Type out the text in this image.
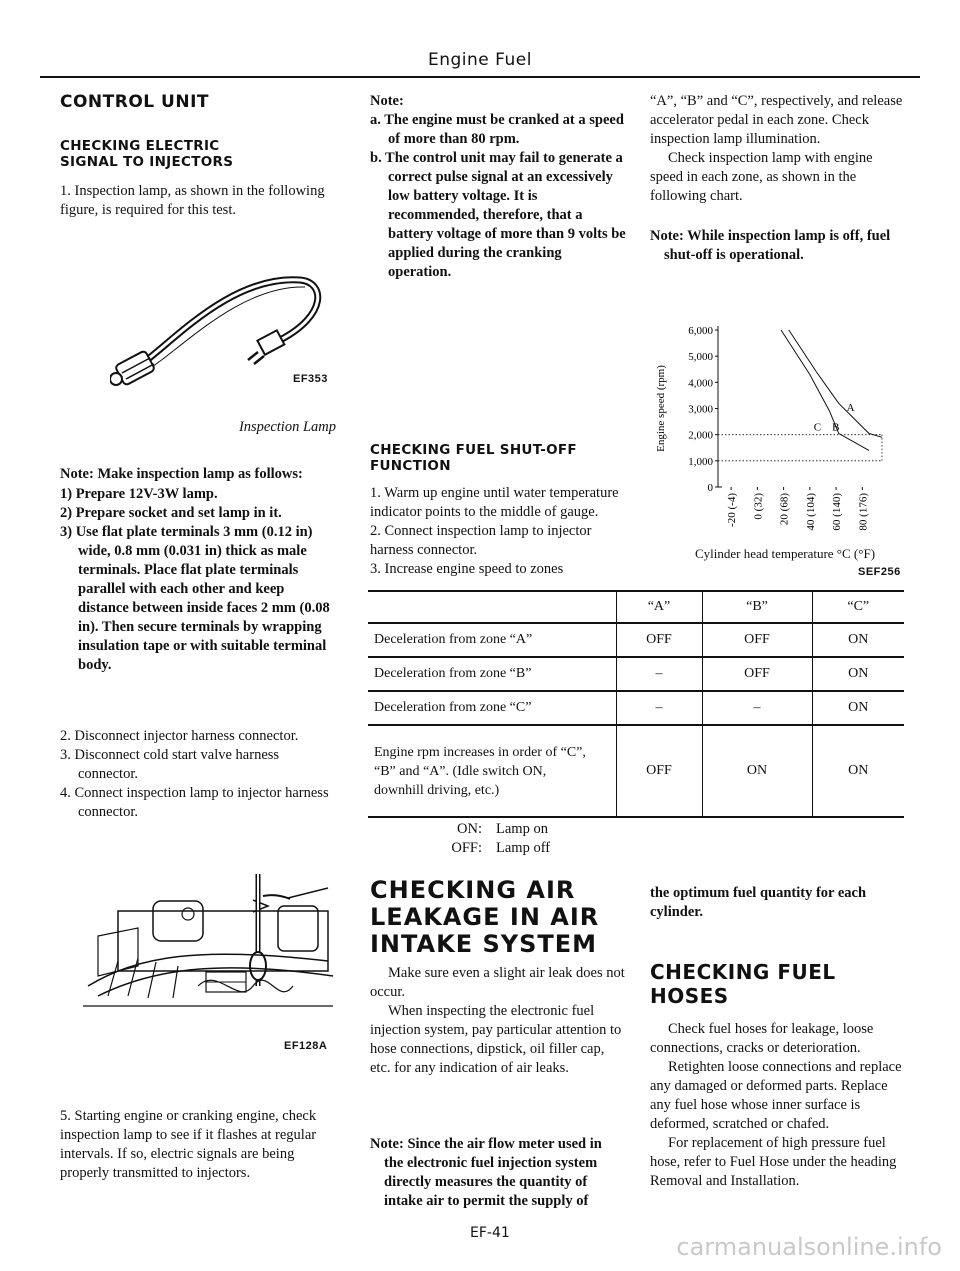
Engine Fuel
CONTROL UNIT
CHECKING ELECTRIC
SIGNAL TO INJECTORS
1. Inspection lamp, as shown in the following figure, is required for this test.
EF353
Inspection Lamp

Note: Make inspection lamp as follows:

1) Prepare 12V-3W lamp.

2) Prepare socket and set lamp in it.

3) Use flat plate terminals 3 mm (0.12 in) wide, 0.8 mm (0.031 in) thick as male terminals. Place flat plate terminals parallel with each other and keep distance between inside faces 2 mm (0.08 in). Then secure terminals by wrapping insulation tape or with suitable terminal body.

2. Disconnect injector harness connector.

3. Disconnect cold start valve harness connector.

4. Connect inspection lamp to injector harness connector.

EF128A
5. Starting engine or cranking engine, check inspection lamp to see if it flashes at regular intervals. If so, electric signals are being properly transmitted to injectors.

Note:

a. The engine must be cranked at a speed of more than 80 rpm.

b. The control unit may fail to generate a correct pulse signal at an excessively low battery voltage. It is recommended, therefore, that a battery voltage of more than 9 volts be applied during the cranking operation.

CHECKING FUEL SHUT-OFF
FUNCTION

1. Warm up engine until water temperature indicator points to the middle of gauge.

2. Connect inspection lamp to injector harness connector.

3. Increase engine speed to zones

	“A”	“B”	“C”
Deceleration from zone “A”	OFF	OFF	ON
Deceleration from zone “B”	–	OFF	ON
Deceleration from zone “C”	–	–	ON
Engine rpm increases in order of “C”, “B” and “A”. (Idle switch ON, downhill driving, etc.)	OFF	ON	ON

ON: Lamp on
OFF: Lamp off
CHECKING AIR
LEAKAGE IN AIR
INTAKE SYSTEM

Make sure even a slight air leak does not occur.

When inspecting the electronic fuel injection system, pay particular attention to hose connections, dipstick, oil filler cap, etc. for any indication of air leaks.

Note: Since the air flow meter used in the electronic fuel injection system directly measures the quantity of intake air to permit the supply of
EF-41

“A”, “B” and “C”, respectively, and release accelerator pedal in each zone. Check inspection lamp illumination.

Check inspection lamp with engine speed in each zone, as shown in the following chart.

Note: While inspection lamp is off, fuel shut-off is operational.
6,000
5,000
4,000
3,000
2,000
1,000
0
-20 (-4) 0 (32) 20 (68) 40 (104) 60 (140) 80 (176)
Engine speed (rpm)	A
B
C
Cylinder head temperature °C (°F)
SEF256
the optimum fuel quantity for each cylinder.
CHECKING FUEL
HOSES

Check fuel hoses for leakage, loose connections, cracks or deterioration.

Retighten loose connections and replace any damaged or deformed parts. Replace any fuel hose whose inner surface is deformed, scratched or chafed.

For replacement of high pressure fuel hose, refer to Fuel Hose under the heading Removal and Installation.

carmanualsonline.info
